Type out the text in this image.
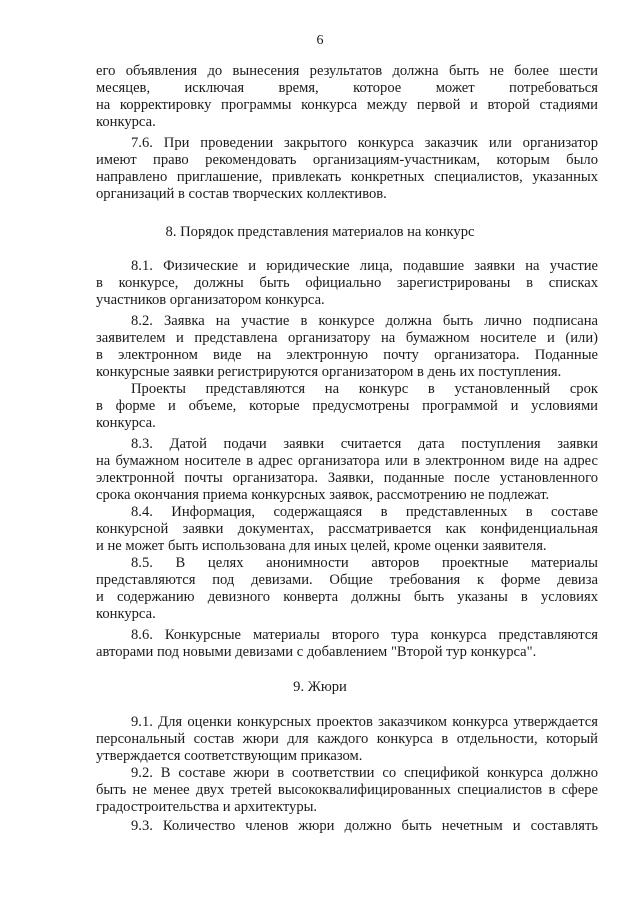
6
его объявления до вынесения результатов должна быть не более шести
месяцев, исключая время, которое может потребоваться
на корректировку программы конкурса между первой и второй стадиями
конкурса.
7.6. При проведении закрытого конкурса заказчик или организатор
имеют право рекомендовать организациям-участникам, которым было
направлено приглашение, привлекать конкретных специалистов, указанных
организаций в состав творческих коллективов.
8. Порядок представления материалов на конкурс
8.1. Физические и юридические лица, подавшие заявки на участие
в конкурсе, должны быть официально зарегистрированы в списках
участников организатором конкурса.
8.2. Заявка на участие в конкурсе должна быть лично подписана
заявителем и представлена организатору на бумажном носителе и (или)
в электронном виде на электронную почту организатора. Поданные
конкурсные заявки регистрируются организатором в день их поступления.
Проекты представляются на конкурс в установленный срок
в форме и объеме, которые предусмотрены программой и условиями
конкурса.
8.3. Датой подачи заявки считается дата поступления заявки
на бумажном носителе в адрес организатора или в электронном виде на адрес
электронной почты организатора. Заявки, поданные после установленного
срока окончания приема конкурсных заявок, рассмотрению не подлежат.
8.4. Информация, содержащаяся в представленных в составе
конкурсной заявки документах, рассматривается как конфиденциальная
и не может быть использована для иных целей, кроме оценки заявителя.
8.5. В целях анонимности авторов проектные материалы
представляются под девизами. Общие требования к форме девиза
и содержанию девизного конверта должны быть указаны в условиях
конкурса.
8.6. Конкурсные материалы второго тура конкурса представляются
авторами под новыми девизами с добавлением "Второй тур конкурса".
9. Жюри
9.1. Для оценки конкурсных проектов заказчиком конкурса утверждается
персональный состав жюри для каждого конкурса в отдельности, который
утверждается соответствующим приказом.
9.2. В составе жюри в соответствии со спецификой конкурса должно
быть не менее двух третей высококвалифицированных специалистов в сфере
градостроительства и архитектуры.
9.3. Количество членов жюри должно быть нечетным и составлять
